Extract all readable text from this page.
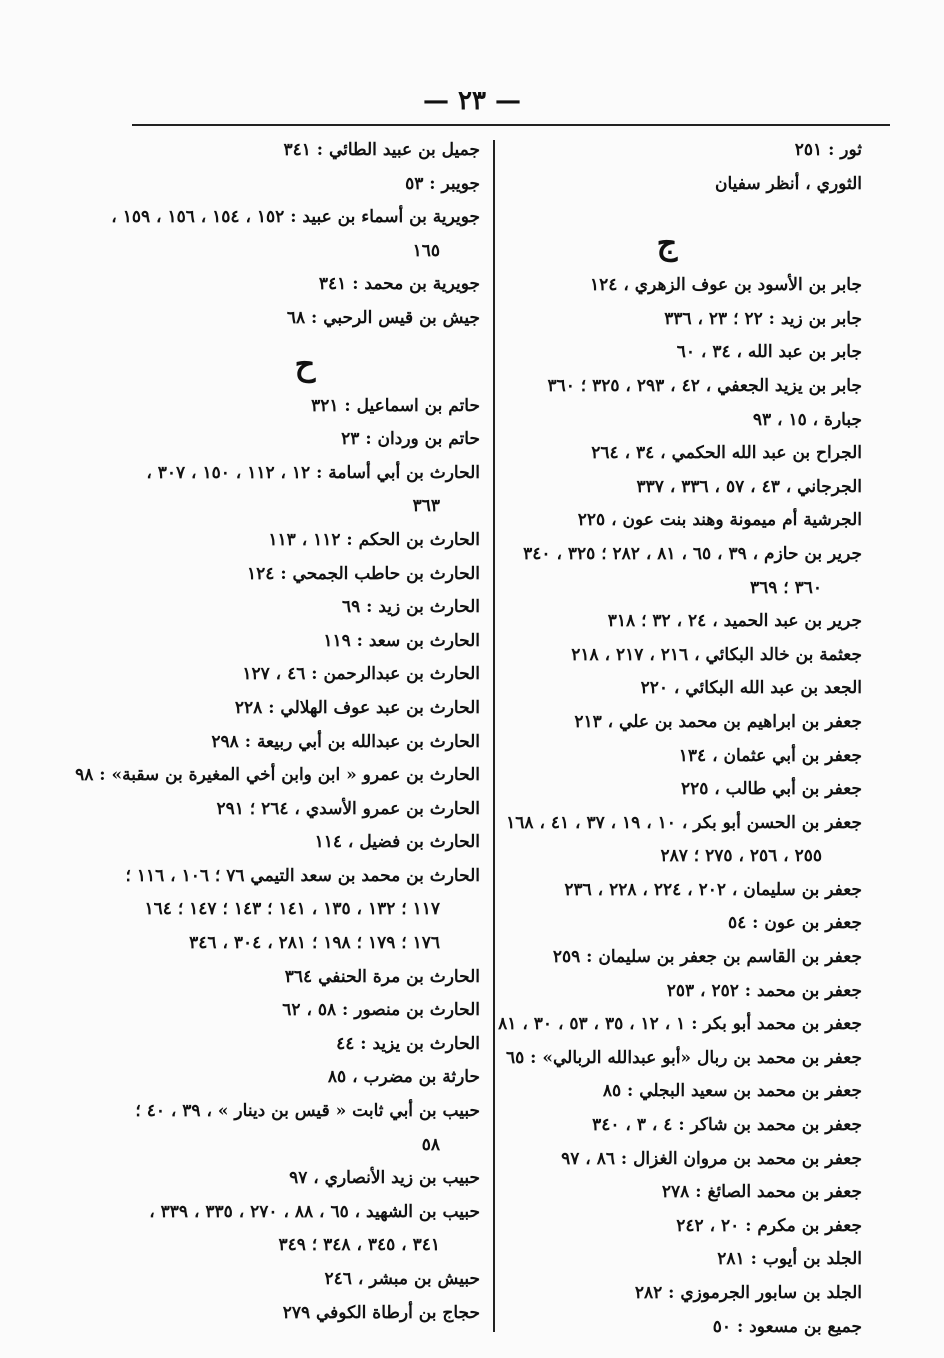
— ٢٣ —
ثور : ٢٥١
الثوري ، أنظر سفيان
ج
جابر بن الأسود بن عوف الزهري ، ١٢٤
جابر بن زيد : ٢٢ ؛ ٢٣ ، ٣٣٦
جابر بن عبد الله ، ٣٤ ، ٦٠
جابر بن يزيد الجعفي ، ٤٢ ، ٢٩٣ ، ٣٢٥ ؛ ٣٦٠
جبارة ، ١٥ ، ٩٣
الجراح بن عبد الله الحكمي ، ٣٤ ، ٢٦٤
الجرجاني ، ٤٣ ، ٥٧ ، ٣٣٦ ، ٣٣٧
الجرشية أم ميمونة وهند بنت عون ، ٢٢٥
جرير بن حازم ، ٣٩ ، ٦٥ ، ٨١ ، ٢٨٢ ؛ ٣٢٥ ، ٣٤٠
٣٦٠ ؛ ٣٦٩
جرير بن عبد الحميد ، ٢٤ ، ٣٢ ؛ ٣١٨
جعثمة بن خالد البكائي ، ٢١٦ ، ٢١٧ ، ٢١٨
الجعد بن عبد الله البكائي ، ٢٢٠
جعفر بن ابراهيم بن محمد بن علي ، ٢١٣
جعفر بن أبي عثمان ، ١٣٤
جعفر بن أبي طالب ، ٢٢٥
جعفر بن الحسن أبو بكر ، ١٠ ، ١٩ ، ٣٧ ، ٤١ ، ١٦٨
٢٥٥ ، ٢٥٦ ، ٢٧٥ ؛ ٢٨٧
جعفر بن سليمان ، ٢٠٢ ، ٢٢٤ ، ٢٢٨ ، ٢٣٦
جعفر بن عون : ٥٤
جعفر بن القاسم بن جعفر بن سليمان : ٢٥٩
جعفر بن محمد : ٢٥٢ ، ٢٥٣
جعفر بن محمد أبو بكر : ١ ، ١٢ ، ٣٥ ، ٥٣ ، ٣٠ ، ٨١
جعفر بن محمد بن ربال «أبو عبدالله الربالي» : ٦٥
جعفر بن محمد بن سعيد البجلي : ٨٥
جعفر بن محمد بن شاكر : ٤ ، ٣ ، ٣٤٠
جعفر بن محمد بن مروان الغزال : ٨٦ ، ٩٧
جعفر بن محمد الصائغ : ٢٧٨
جعفر بن مكرم : ٢٠ ، ٢٤٢
الجلد بن أيوب : ٢٨١
الجلد بن سابور الجرموزي : ٢٨٢
جميع بن مسعود : ٥٠
جميل بن عبيد الطائي : ٣٤١
جويبر : ٥٣
جويرية بن أسماء بن عبيد : ١٥٢ ، ١٥٤ ، ١٥٦ ، ١٥٩ ،
١٦٥
جويرية بن محمد : ٣٤١
جيش بن قيس الرحبي : ٦٨
ح
حاتم بن اسماعيل : ٣٢١
حاتم بن وردان : ٢٣
الحارث بن أبي أسامة : ١٢ ، ١١٢ ، ١٥٠ ، ٣٠٧ ،
٣٦٣
الحارث بن الحكم : ١١٢ ، ١١٣
الحارث بن حاطب الجمحي : ١٢٤
الحارث بن زيد : ٦٩
الحارث بن سعد : ١١٩
الحارث بن عبدالرحمن : ٤٦ ، ١٢٧
الحارث بن عبد عوف الهلالي : ٢٢٨
الحارث بن عبدالله بن أبي ربيعة : ٢٩٨
الحارث بن عمرو « ابن وابن أخي المغيرة بن سقبة» : ٩٨
الحارث بن عمرو الأسدي ، ٢٦٤ ؛ ٢٩١
الحارث بن فضيل ، ١١٤
الحارث بن محمد بن سعد التيمي ٧٦ ؛ ١٠٦ ، ١١٦ ؛
١١٧ ؛ ١٣٢ ، ١٣٥ ، ١٤١ ؛ ١٤٣ ؛ ١٤٧ ؛ ١٦٤
١٧٦ ؛ ١٧٩ ؛ ١٩٨ ؛ ٢٨١ ، ٣٠٤ ، ٣٤٦
الحارث بن مرة الحنفي ٣٦٤
الحارث بن منصور : ٥٨ ، ٦٢
الحارث بن يزيد : ٤٤
حارثة بن مضرب ، ٨٥
حبيب بن أبي ثابت « قيس بن دينار » ، ٣٩ ، ٤٠ ؛
٥٨
حبيب بن زيد الأنصاري ، ٩٧
حبيب بن الشهيد ، ٦٥ ، ٨٨ ، ٢٧٠ ، ٣٣٥ ، ٣٣٩ ،
٣٤١ ، ٣٤٥ ، ٣٤٨ ؛ ٣٤٩
حبيش بن مبشر ، ٢٤٦
حجاج بن أرطاة الكوفي ٢٧٩
